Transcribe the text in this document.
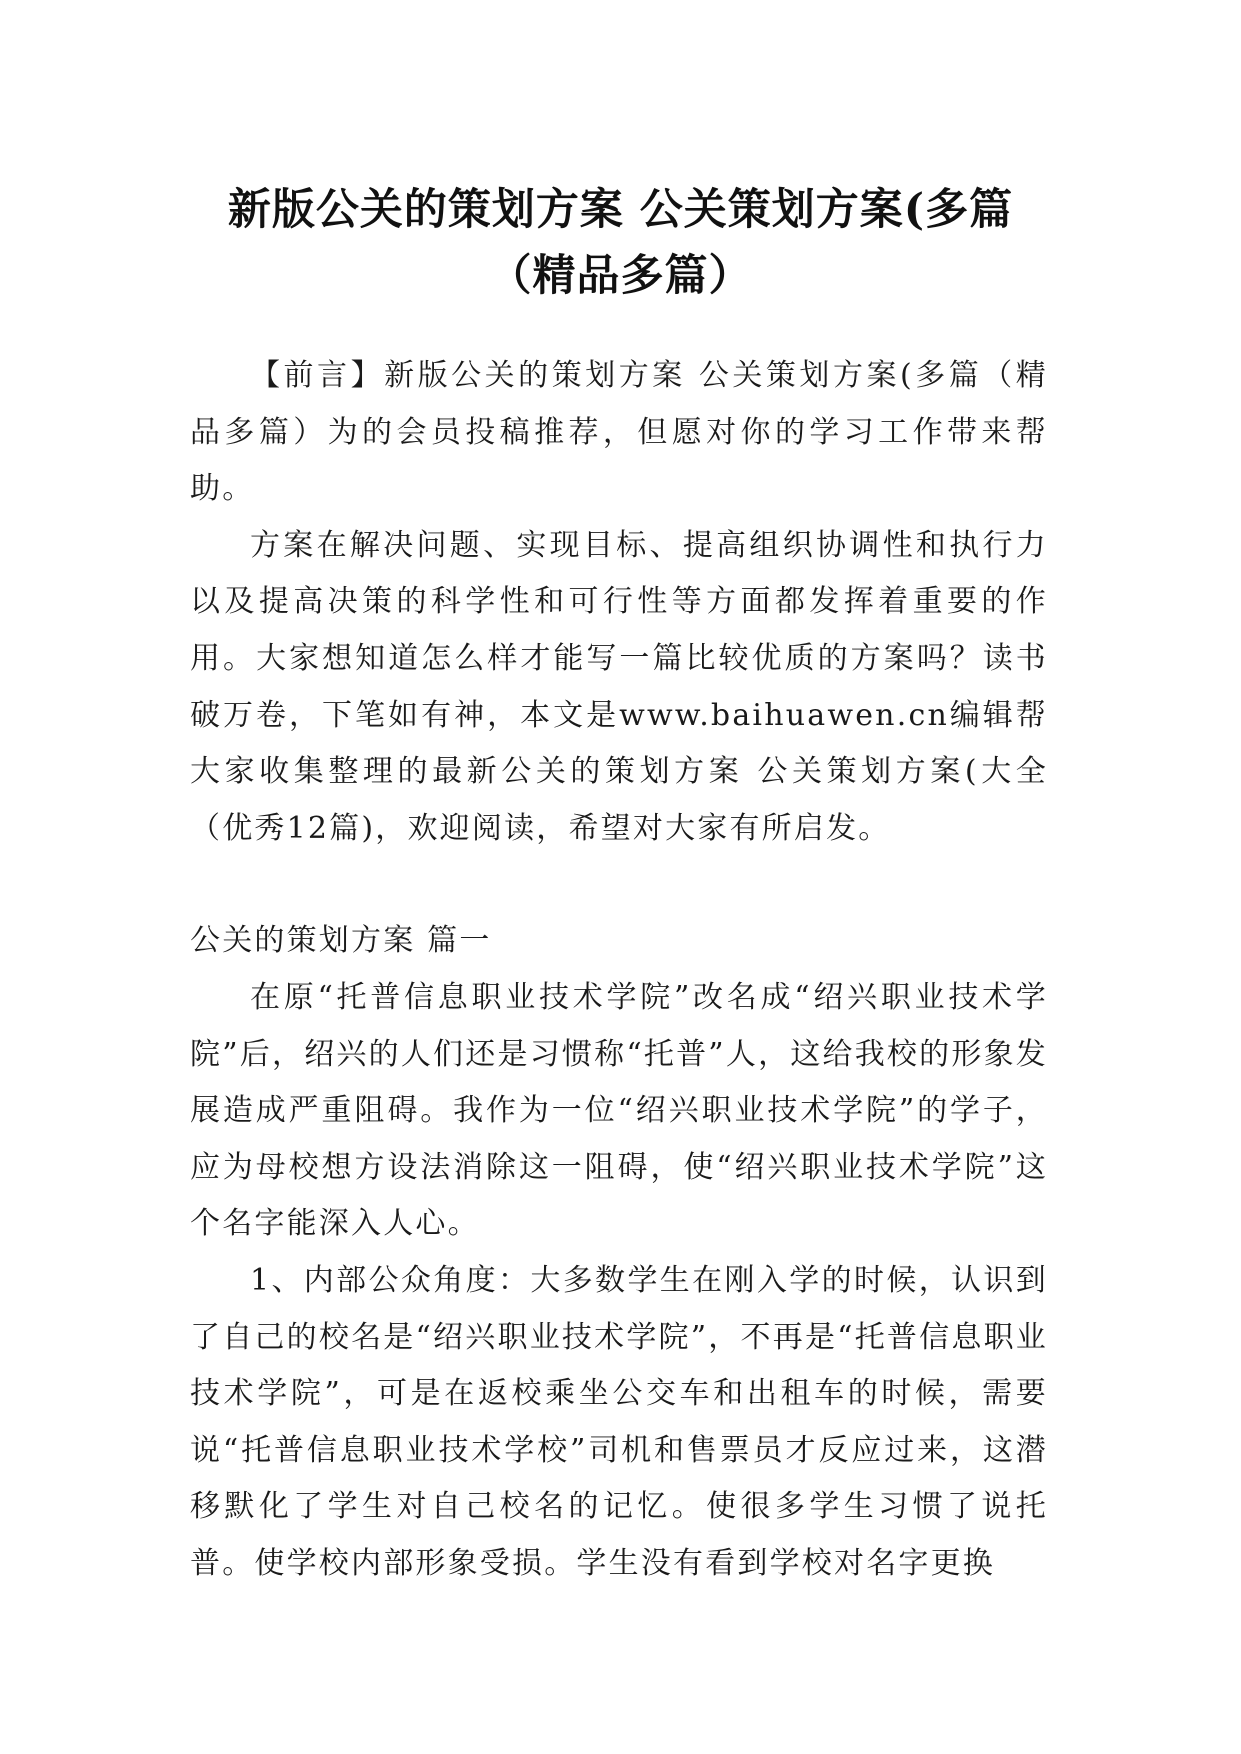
新版公关的策划方案 公关策划方案(多篇
（精品多篇）

【前言】新版公关的策划方案 公关策划方案(多篇（精品多篇）为的会员投稿推荐，但愿对你的学习工作带来帮助。

方案在解决问题、实现目标、提高组织协调性和执行力以及提高决策的科学性和可行性等方面都发挥着重要的作用。大家想知道怎么样才能写一篇比较优质的方案吗？读书破万卷，下笔如有神，本文是www.baihuawen.cn编辑帮大家收集整理的最新公关的策划方案 公关策划方案(大全（优秀12篇)，欢迎阅读，希望对大家有所启发。

公关的策划方案 篇一

在原“托普信息职业技术学院”改名成“绍兴职业技术学院”后，绍兴的人们还是习惯称“托普”人，这给我校的形象发展造成严重阻碍。我作为一位“绍兴职业技术学院”的学子，应为母校想方设法消除这一阻碍，使“绍兴职业技术学院”这个名字能深入人心。

1、内部公众角度：大多数学生在刚入学的时候，认识到了自己的校名是“绍兴职业技术学院”，不再是“托普信息职业技术学院”，可是在返校乘坐公交车和出租车的时候，需要说“托普信息职业技术学校”司机和售票员才反应过来，这潜移默化了学生对自己校名的记忆。使很多学生习惯了说托普。使学校内部形象受损。学生没有看到学校对名字更换
